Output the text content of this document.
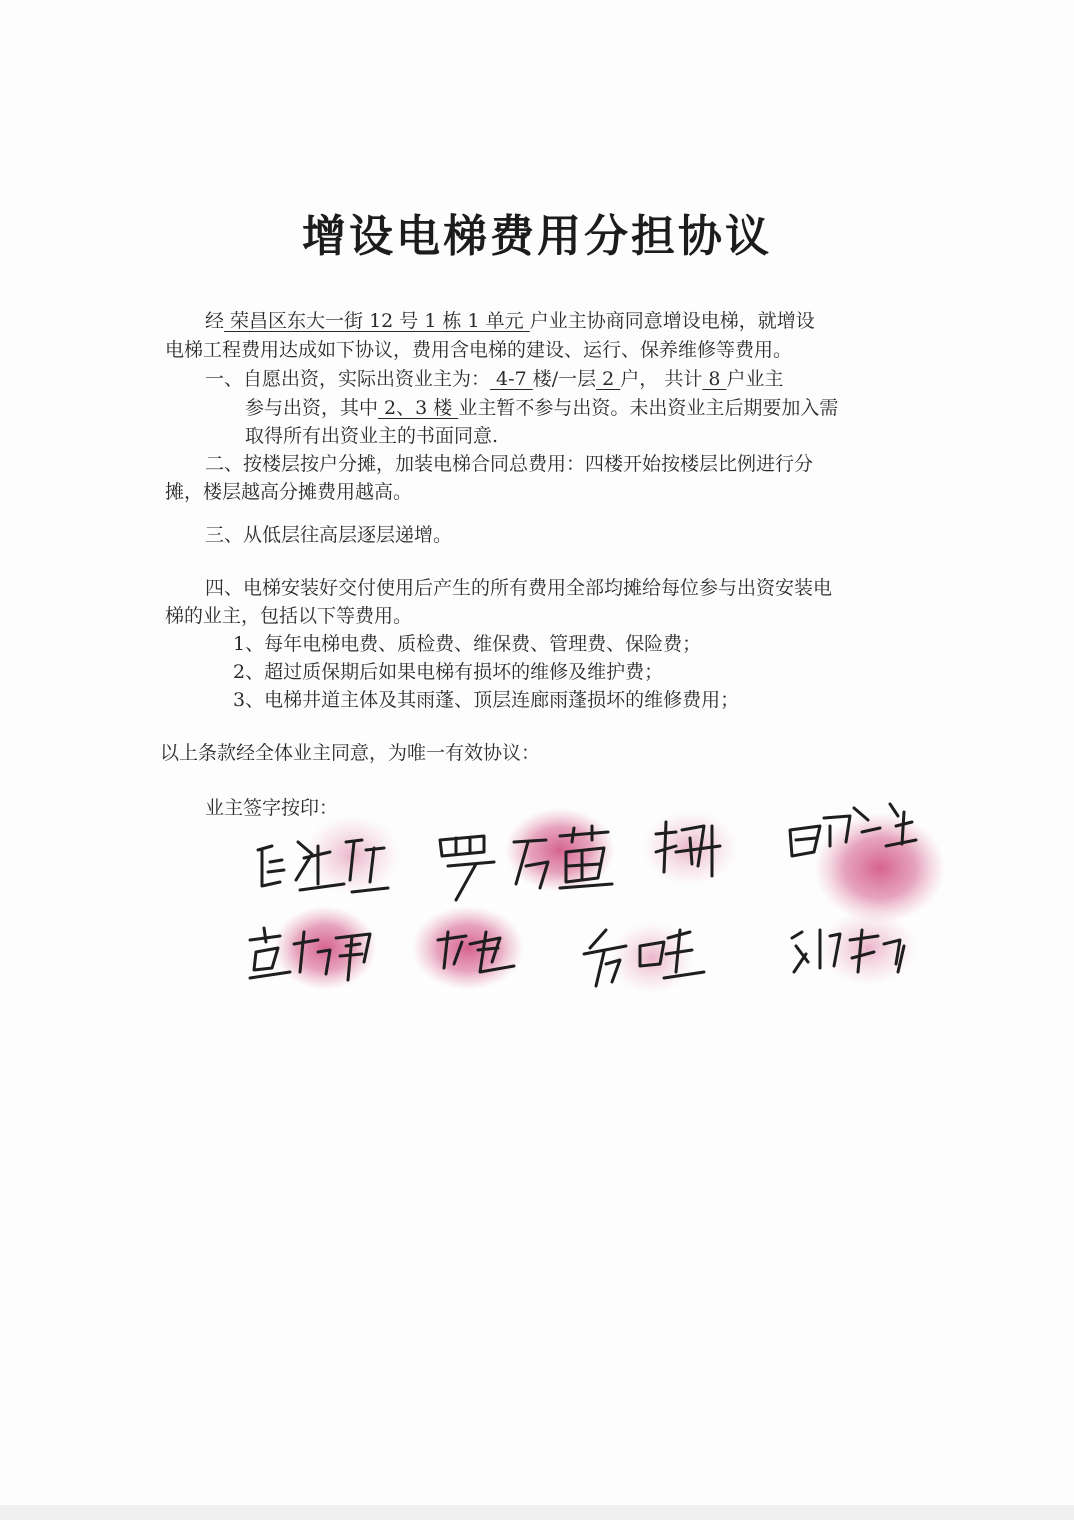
增设电梯费用分担协议
经 荣昌区东大一街 12 号 1 栋 1 单元 户业主协商同意增设电梯，就增设
电梯工程费用达成如下协议，费用含电梯的建设、运行、保养维修等费用。
一、自愿出资，实际出资业主为： 4-7 楼/一层 2 户， 共计 8 户业主
参与出资，其中 2、3 楼 业主暂不参与出资。未出资业主后期要加入需
取得所有出资业主的书面同意.
二、按楼层按户分摊，加装电梯合同总费用：四楼开始按楼层比例进行分
摊，楼层越高分摊费用越高。
三、从低层往高层逐层递增。
四、电梯安装好交付使用后产生的所有费用全部均摊给每位参与出资安装电
梯的业主，包括以下等费用。
1、每年电梯电费、质检费、维保费、管理费、保险费；
2、超过质保期后如果电梯有损坏的维修及维护费；
3、电梯井道主体及其雨蓬、顶层连廊雨蓬损坏的维修费用；
以上条款经全体业主同意，为唯一有效协议：
业主签字按印：
